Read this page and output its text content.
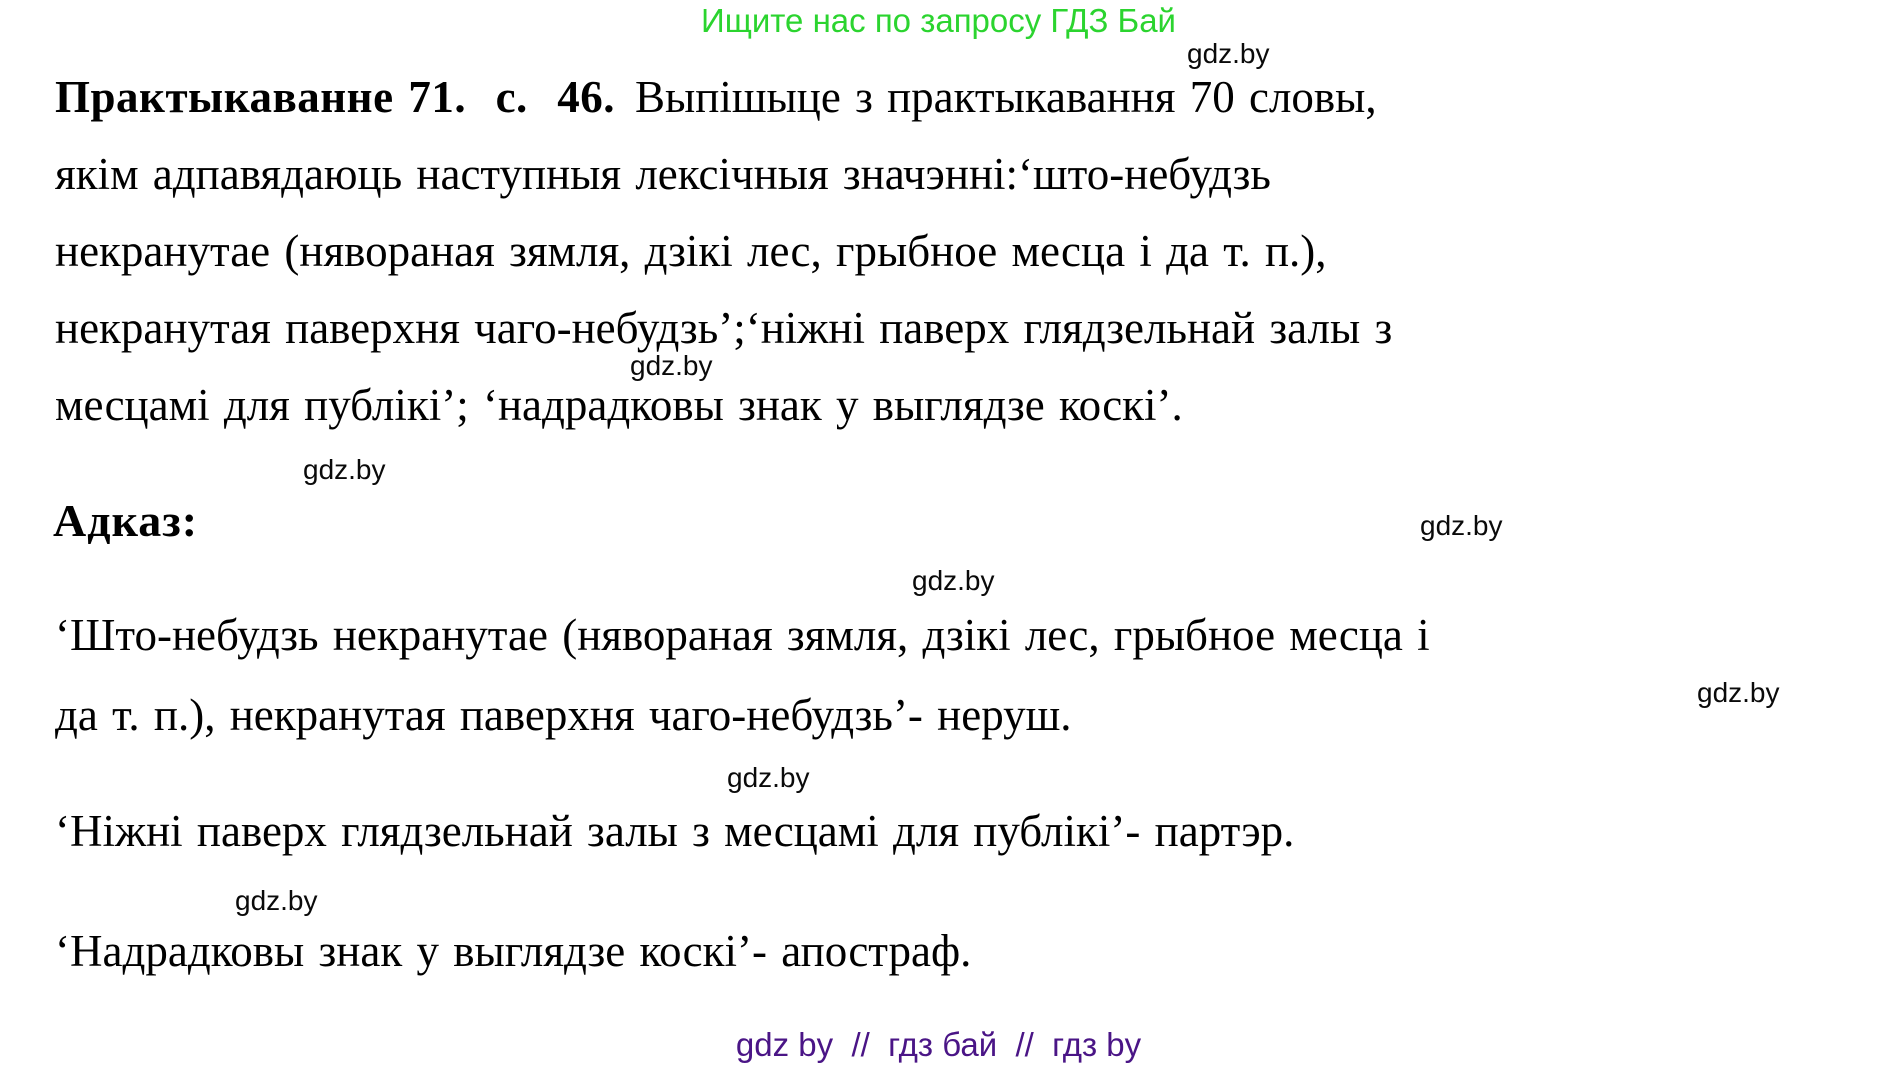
Ищите нас по запросу ГДЗ Бай
gdz.by
gdz.by
gdz.by
gdz.by
gdz.by
gdz.by
gdz.by
gdz.by
Практыкаванне 71.  с.  46. Выпішыце з практыкавання 70 словы,
якім адпавядаюць наступныя лексічныя значэнні:‘што-небудзь
некранутае (нявораная зямля, дзікі лес, грыбное месца і да т. п.),
некранутая паверхня чаго-небудзь’;‘ніжні паверх глядзельнай залы з
месцамі для публікі’; ‘надрадковы знак у выглядзе коскі’.
Адказ:
‘Што-небудзь некранутае (нявораная зямля, дзікі лес, грыбное месца і
да т. п.), некранутая паверхня чаго-небудзь’- неруш.
‘Ніжні паверх глядзельнай залы з месцамі для публікі’- партэр.
‘Надрадковы знак у выглядзе коскі’- апостраф.
gdz by  //  гдз бай  //  гдз by
